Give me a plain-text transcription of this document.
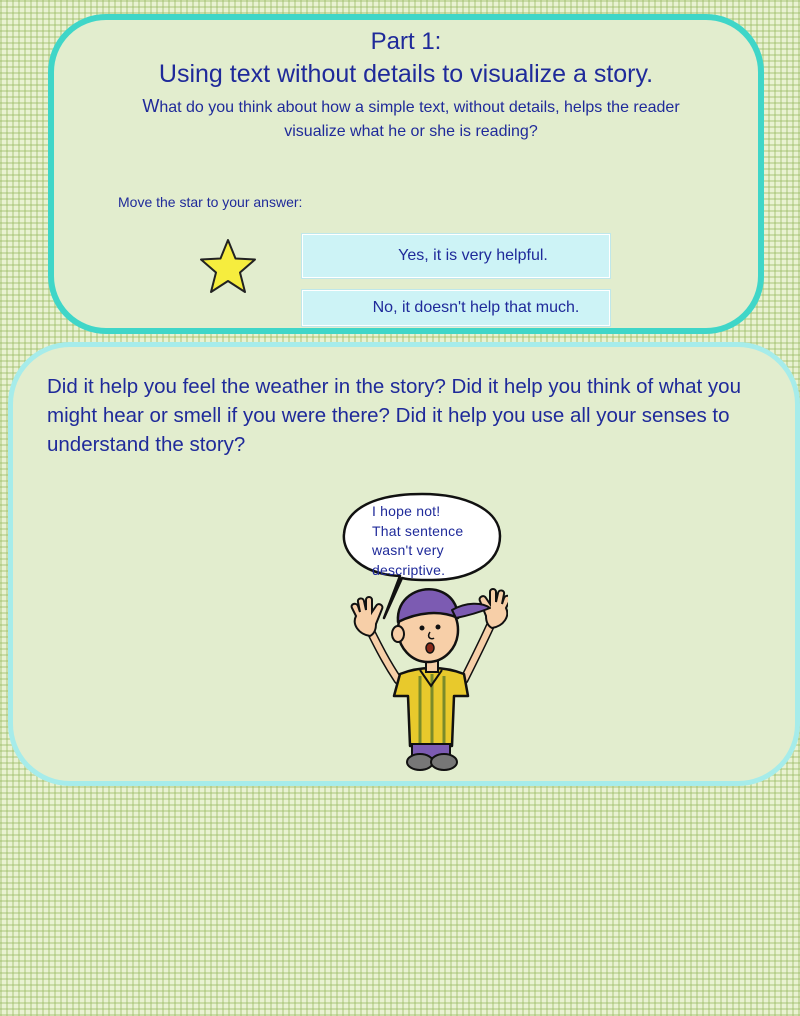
Part 1:

Using text without details to visualize a story.

What do you think about how a simple text, without details, helps the reader
visualize what he or she is reading?
Move the star to your answer:
Yes, it is very helpful.
No, it doesn't help that much.

Did it help you feel the weather in the story? Did it help you think of what you might hear or smell if you were there? Did it help you use all your senses to understand the story?

I hope not!
That sentence
wasn't very
descriptive.
